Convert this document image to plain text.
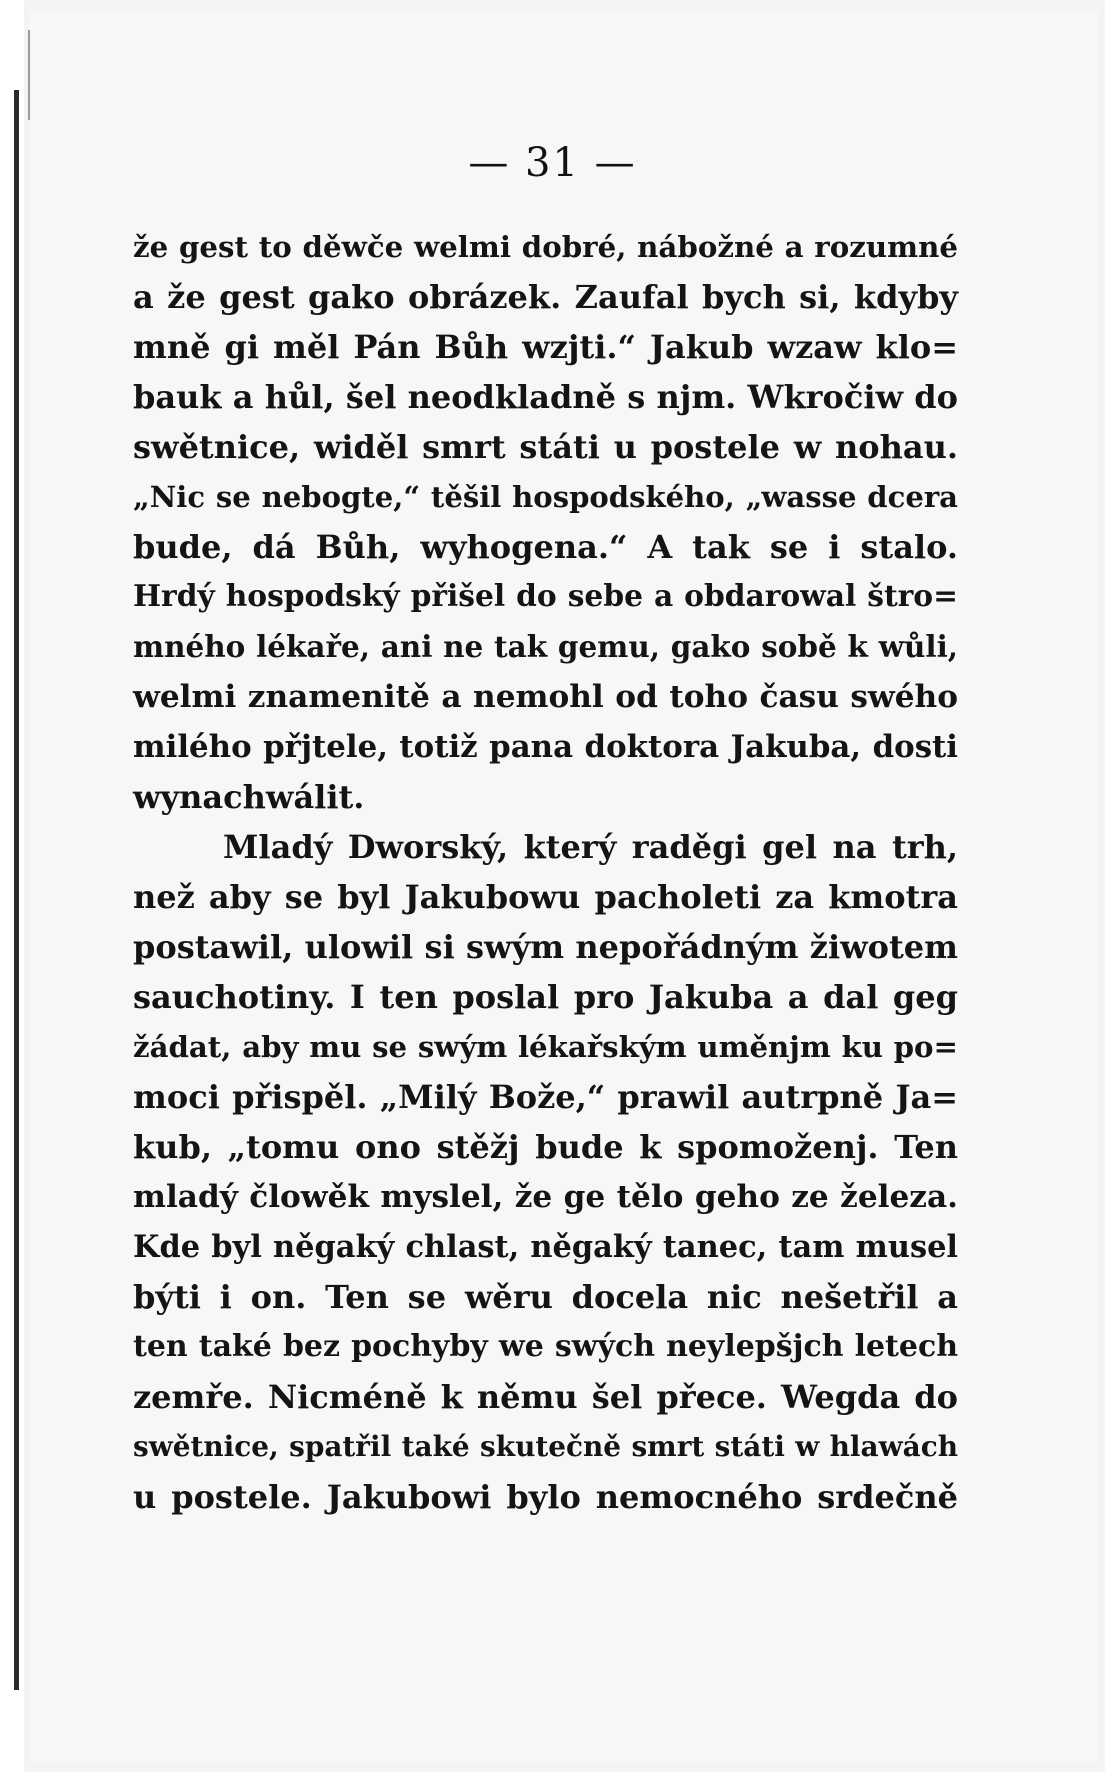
— 31 —
že gest to děwče welmi dobré, nábožné a rozumné
a že gest gako obrázek. Zaufal bych si, kdyby
mně gi měl Pán Bůh wzjti.“ Jakub wzaw klo=
bauk a hůl, šel neodkladně s njm. Wkročiw do
swětnice, widěl smrt státi u postele w nohau.
„Nic se nebogte,“ těšil hospodského, „wasse dcera
bude, dá Bůh, wyhogena.“ A tak se i stalo.
Hrdý hospodský přišel do sebe a obdarowal štro=
mného lékaře, ani ne tak gemu, gako sobě k wůli,
welmi znamenitě a nemohl od toho času swého
milého přjtele, totiž pana doktora Jakuba, dosti
wynachwálit.
Mladý Dworský, který raděgi gel na trh,
než aby se byl Jakubowu pacholeti za kmotra
postawil, ulowil si swým nepořádným žiwotem
sauchotiny. I ten poslal pro Jakuba a dal geg
žádat, aby mu se swým lékařským uměnjm ku po=
moci přispěl. „Milý Bože,“ prawil autrpně Ja=
kub, „tomu ono stěžj bude k spomoženj. Ten
mladý člowěk myslel, že ge tělo geho ze železa.
Kde byl něgaký chlast, něgaký tanec, tam musel
býti i on. Ten se wěru docela nic nešetřil a
ten také bez pochyby we swých neylepšjch letech
zemře. Nicméně k němu šel přece. Wegda do
swětnice, spatřil také skutečně smrt státi w hlawách
u postele. Jakubowi bylo nemocného srdečně
